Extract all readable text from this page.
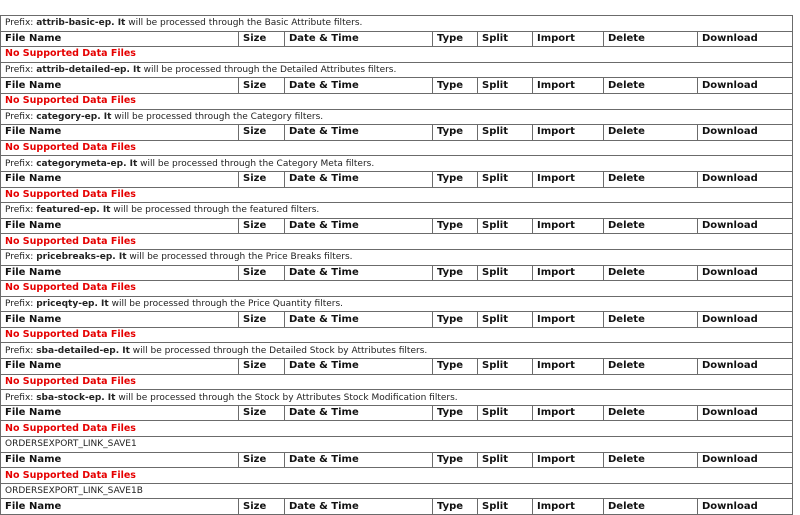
Prefix: attrib-basic-ep. It will be processed through the Basic Attribute filters.							
File Name	Size	Date & Time	Type	Split	Import	Delete	Download
No Supported Data Files							
Prefix: attrib-detailed-ep. It will be processed through the Detailed Attributes filters.							
File Name	Size	Date & Time	Type	Split	Import	Delete	Download
No Supported Data Files							
Prefix: category-ep. It will be processed through the Category filters.							
File Name	Size	Date & Time	Type	Split	Import	Delete	Download
No Supported Data Files							
Prefix: categorymeta-ep. It will be processed through the Category Meta filters.							
File Name	Size	Date & Time	Type	Split	Import	Delete	Download
No Supported Data Files							
Prefix: featured-ep. It will be processed through the featured filters.							
File Name	Size	Date & Time	Type	Split	Import	Delete	Download
No Supported Data Files							
Prefix: pricebreaks-ep. It will be processed through the Price Breaks filters.							
File Name	Size	Date & Time	Type	Split	Import	Delete	Download
No Supported Data Files							
Prefix: priceqty-ep. It will be processed through the Price Quantity filters.							
File Name	Size	Date & Time	Type	Split	Import	Delete	Download
No Supported Data Files							
Prefix: sba-detailed-ep. It will be processed through the Detailed Stock by Attributes filters.							
File Name	Size	Date & Time	Type	Split	Import	Delete	Download
No Supported Data Files							
Prefix: sba-stock-ep. It will be processed through the Stock by Attributes Stock Modification filters.							
File Name	Size	Date & Time	Type	Split	Import	Delete	Download
No Supported Data Files							
ORDERSEXPORT_LINK_SAVE1							
File Name	Size	Date & Time	Type	Split	Import	Delete	Download
No Supported Data Files							
ORDERSEXPORT_LINK_SAVE1B							
File Name	Size	Date & Time	Type	Split	Import	Delete	Download
